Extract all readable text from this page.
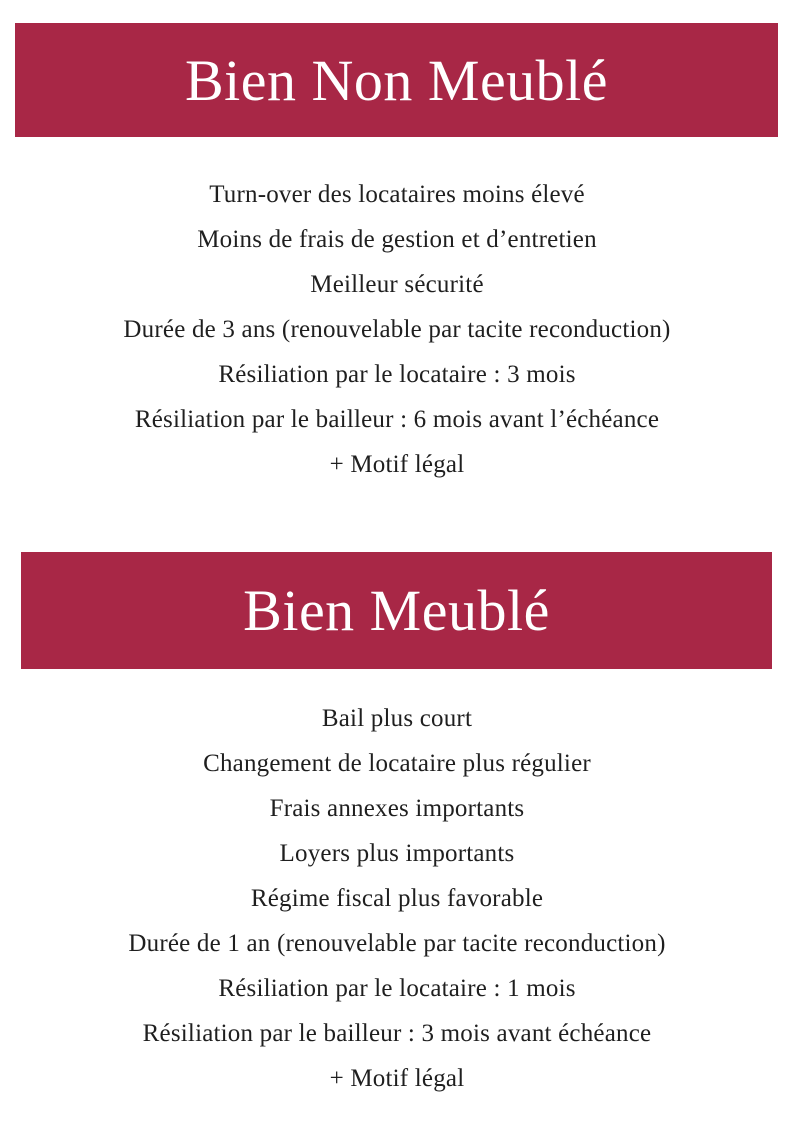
Bien Non Meublé
Turn-over des locataires moins élevé
Moins de frais de gestion et d’entretien
Meilleur sécurité
Durée de 3 ans (renouvelable par tacite reconduction)
Résiliation par le locataire : 3 mois
Résiliation par le bailleur : 6 mois avant l’échéance
+ Motif légal
Bien Meublé
Bail plus court
Changement de locataire plus régulier
Frais annexes importants
Loyers plus importants
Régime fiscal plus favorable
Durée de 1 an (renouvelable par tacite reconduction)
Résiliation par le locataire : 1 mois
Résiliation par le bailleur : 3 mois avant échéance
+ Motif légal
